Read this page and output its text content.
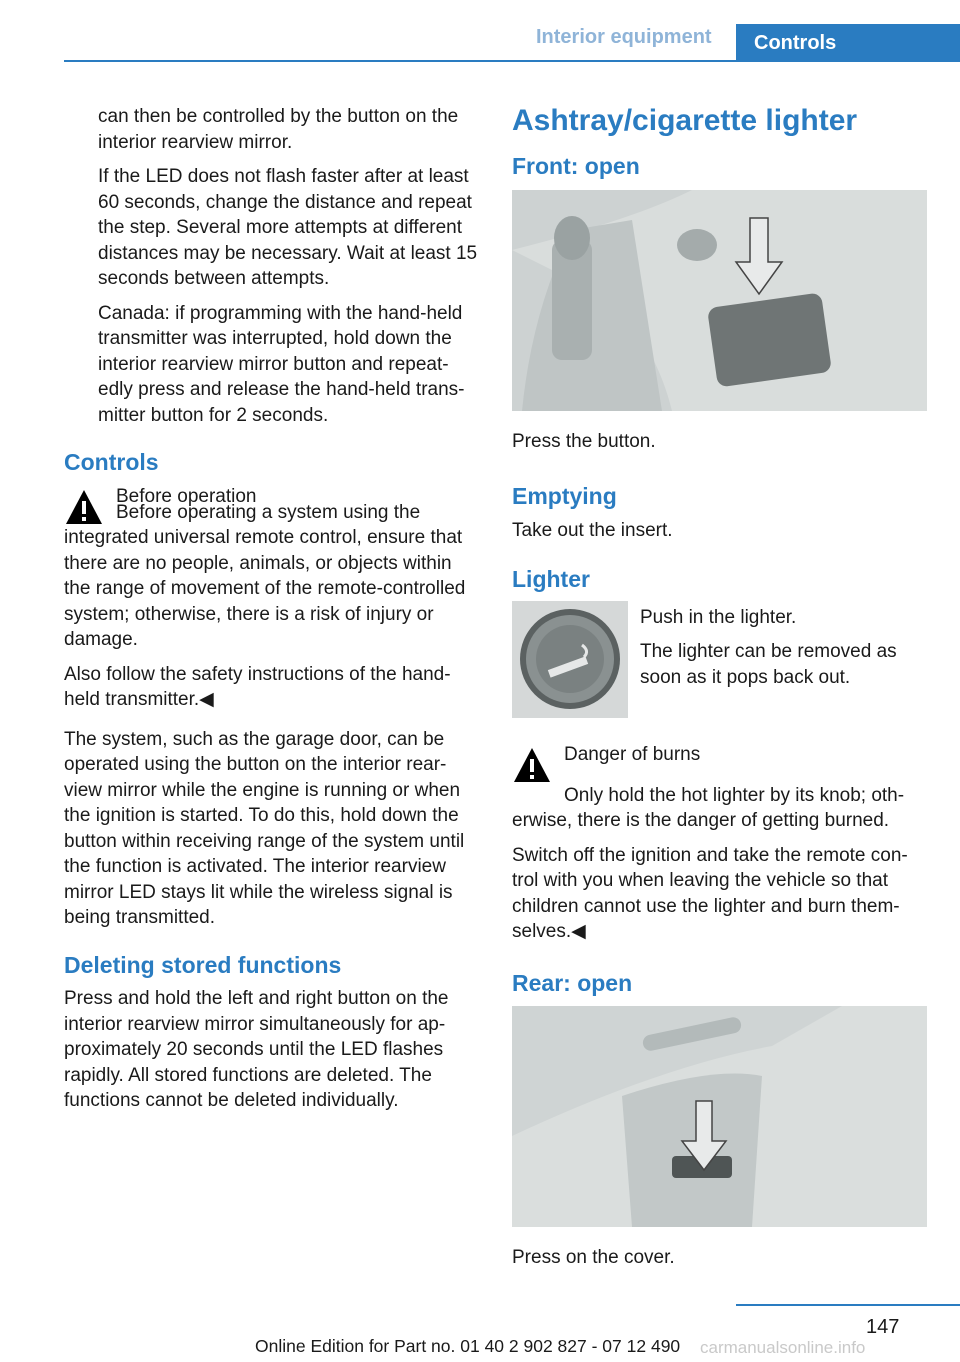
Interior equipment	Controls

can then be controlled by the button on the interior rearview mirror.

If the LED does not flash faster after at least 60 seconds, change the distance and repeat the step. Several more attempts at different distances may be necessary. Wait at least 15 seconds between attempts.

Canada: if programming with the hand-held transmitter was interrupted, hold down the interior rearview mirror button and repeat-edly press and release the hand-held trans-mitter button for 2 seconds.

Controls

Before operation

Before operating a system using the integrated universal remote control, ensure that there are no people, animals, or objects within the range of movement of the remote-controlled system; otherwise, there is a risk of injury or damage.

Also follow the safety instructions of the hand-held transmitter.◀

The system, such as the garage door, can be operated using the button on the interior rear-view mirror while the engine is running or when the ignition is started. To do this, hold down the button within receiving range of the system until the function is activated. The interior rearview mirror LED stays lit while the wireless signal is being transmitted.

Deleting stored functions

Press and hold the left and right button on the interior rearview mirror simultaneously for ap-proximately 20 seconds until the LED flashes rapidly. All stored functions are deleted. The functions cannot be deleted individually.

Ashtray/cigarette lighter
Front: open

Press the button.

Emptying

Take out the insert.

Lighter

Push in the lighter.

The lighter can be removed as soon as it pops back out.

Danger of burns

Only hold the hot lighter by its knob; oth-erwise, there is the danger of getting burned.

Switch off the ignition and take the remote con-trol with you when leaving the vehicle so that children cannot use the lighter and burn them-selves.◀

Rear: open

Press on the cover.

147
Online Edition for Part no. 01 40 2 902 827 - 07 12 490 carmanualsonline.info
